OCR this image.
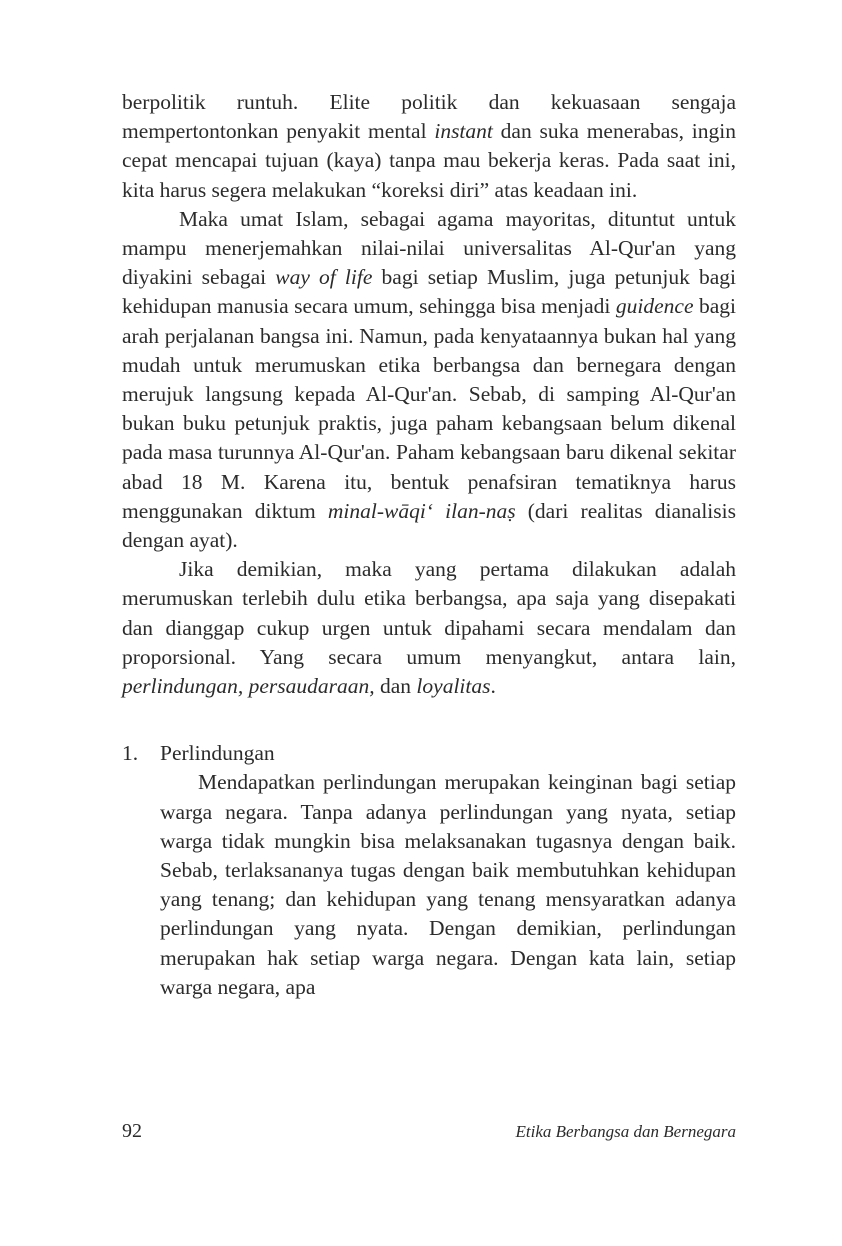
berpolitik runtuh. Elite politik dan kekuasaan sengaja mempertontonkan penyakit mental instant dan suka menerabas, ingin cepat mencapai tujuan (kaya) tanpa mau bekerja keras. Pada saat ini, kita harus segera melakukan “koreksi diri” atas keadaan ini.

Maka umat Islam, sebagai agama mayoritas, dituntut untuk mampu menerjemahkan nilai-nilai universalitas Al-Qur'an yang diyakini sebagai way of life bagi setiap Muslim, juga petunjuk bagi kehidupan manusia secara umum, sehingga bisa menjadi guidence bagi arah perjalanan bangsa ini. Namun, pada kenyataannya bukan hal yang mudah untuk merumuskan etika berbangsa dan bernegara dengan merujuk langsung kepada Al-Qur'an. Sebab, di samping Al-Qur'an bukan buku petunjuk praktis, juga paham kebangsaan belum dikenal pada masa turunnya Al-Qur'an. Paham kebangsaan baru dikenal sekitar abad 18 M. Karena itu, bentuk penafsiran tematiknya harus menggunakan diktum minal-wāqi‘ ilan-naṣ (dari realitas dianalisis dengan ayat).

Jika demikian, maka yang pertama dilakukan adalah merumuskan terlebih dulu etika berbangsa, apa saja yang disepakati dan dianggap cukup urgen untuk dipahami secara mendalam dan proporsional. Yang secara umum menyangkut, antara lain, perlindungan, persaudaraan, dan loyalitas.

1.	Perlindungan

Mendapatkan perlindungan merupakan keinginan bagi setiap warga negara. Tanpa adanya perlindungan yang nyata, setiap warga tidak mungkin bisa melaksanakan tugasnya dengan baik. Sebab, terlaksananya tugas dengan baik membutuhkan kehidupan yang tenang; dan kehidupan yang tenang mensyaratkan adanya perlindungan yang nyata. Dengan demikian, perlindungan merupakan hak setiap warga negara. Dengan kata lain, setiap warga negara, apa

92	Etika Berbangsa dan Bernegara
